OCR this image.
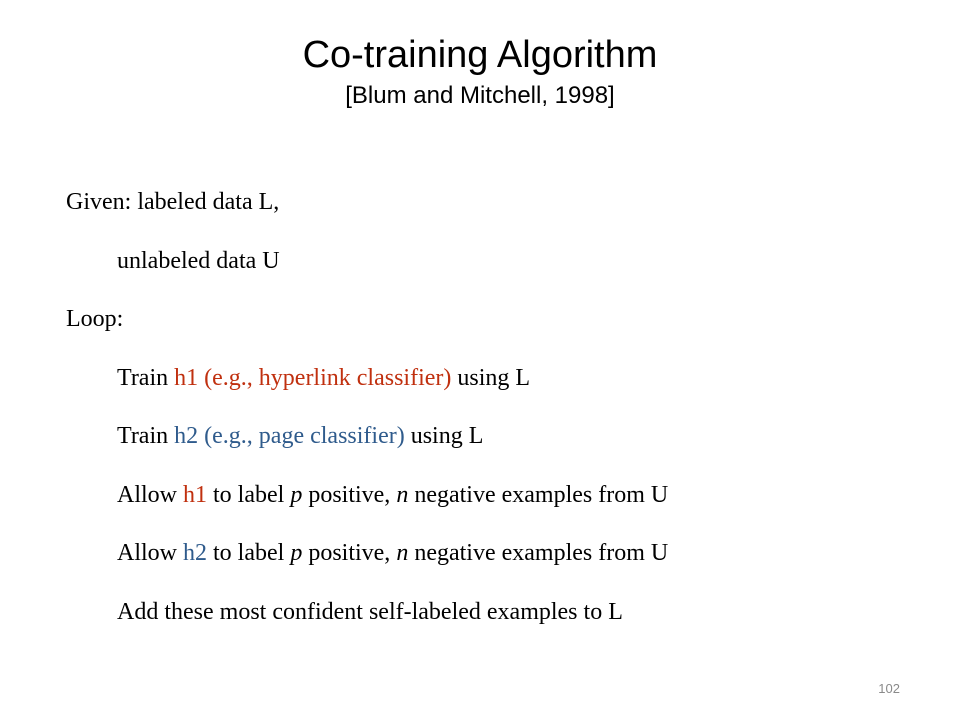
Co-training Algorithm
[Blum and Mitchell, 1998]
Given: labeled data L,
unlabeled data U
Loop:
Train h1 (e.g., hyperlink classifier) using L
Train h2 (e.g., page classifier) using L
Allow h1 to label p positive, n negative examples from U
Allow h2 to label p positive, n negative examples from U
Add these most confident self-labeled examples to L
102
